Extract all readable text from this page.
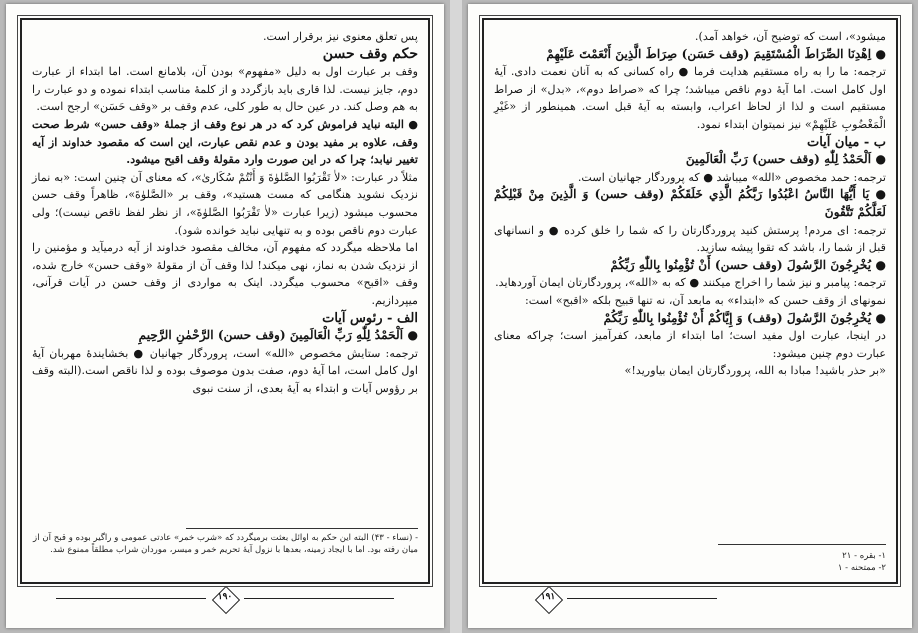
پس تعلق معنوی نیز برقرار است.

حکم وقف حسن

وقف بر عبارت اول به دلیل «مفهوم» بودن آن، بلامانع است. اما ابتداء از عبارت دوم، جایز نیست. لذا قاری باید بازگردد و از کلمهٔ مناسب ابتداء نموده و دو عبارت را به هم وصل کند. در عین حال به طور کلی، عدم وقف بر «وقف حَسَن» ارجح است.

● البته نباید فراموش کرد که در هر نوع وقف از جملهٔ «وقف حسن» شرط صحت وقف، علاوه بر مفید بودن و عدم نقص عبارت، این است که مقصود خداوند از آیه تغییر نیابد؛ چرا که در این صورت وارد مقولهٔ وقف اقبح میشود.

مثلاً در عبارت: «لاٰ تَقْرَبُوا الصَّلوٰةَ وَ أَنْتُمْ سُكَارىٰ»، که معنای آن چنین است: «به نماز نزدیک نشوید هنگامی که مست هستید»، وقف بر «الصَّلوٰةَ»، ظاهراً وقف حسن محسوب میشود (زیرا عبارت «لاٰ تَقْرَبُوا الصَّلوٰةَ»، از نظر لفظ ناقص نیست)؛ ولی عبارت دوم ناقص بوده و به تنهایی نباید خوانده شود).

اما ملاحظه میگردد که مفهوم آن، مخالف مقصود خداوند از آیه درمیآید و مؤمنین را از نزدیک شدن به نماز، نهی میکند! لذا وقف آن از مقولهٔ «وقف حسن» خارج شده، وقف «اقبح» محسوب میگردد. اینک به مواردی از وقف حسن در آیات قرآنی، میپردازیم.

الف - رئوس آیات

● اَلْحَمْدُ لِلّٰهِ رَبِّ الْعَالَمِينَ (وقف حسن) الرَّحْمٰنِ الرَّحِيمِ

ترجمه: ستایش مخصوص «الله» است، پروردگار جهانیان ● بخشایندهٔ مهربان آیهٔ اول کامل است، اما آیهٔ دوم، صفت بدون موصوف بوده و لذا ناقص است.(البته وقف بر رؤوس آیات و ابتداء به آیهٔ بعدی، از سنت نبوی

- (نساء - ۴۳) البته این حکم به اوائل بعثت برمیگردد که «شرب خمر» عادتی عمومی و راگیر بوده و قبح آن از میان رفته بود. اما با ایجاد زمینه، بعدها با نزول آیهٔ تحریم خمر و میسر، موردان شراب مطلقاً ممنوع شد.
۱۹۰

میشود»، است که توضیح آن، خواهد آمد).

● اِهْدِنَا الصِّرَاطَ الْمُسْتَقِيمَ (وقف حَسَن) صِرَاطَ الَّذِينَ أَنْعَمْتَ عَلَيْهِمْ

ترجمه: ما را به راه مستقیم هدایت فرما ● راه کسانی که به آنان نعمت دادی. آیهٔ اول کامل است. اما آیهٔ دوم ناقص میباشد؛ چرا که «صراط دوم»، «بدل» از صراط مستقیم است و لذا از لحاظ اعراب، وابسته به آیهٔ قبل است. همینطور از «غَيْرِ الْمَغْضُوبِ عَلَيْهِمْ» نیز نمیتوان ابتداء نمود.

ب - میان آیات

● اَلْحَمْدُ لِلّٰهِ (وقف حسن) رَبِّ الْعَالَمِينَ

ترجمه: حمد مخصوص «الله» میباشد ● که پروردگار جهانیان است.

● يَا أَيُّهَا النَّاسُ اعْبُدُوا رَبَّكُمُ الَّذِي خَلَقَكُمْ (وقف حسن) وَ الَّذِينَ مِنْ قَبْلِكُمْ لَعَلَّكُمْ تَتَّقُونَ

ترجمه: ای مردم! پرستش کنید پروردگارتان را که شما را خلق کرده ● و انسانهای قبل از شما را، باشد که تقوا پیشه سازید.

● يُخْرِجُونَ الرَّسُولَ (وقف حسن) أَنْ تُؤْمِنُوا بِاللّٰهِ رَبِّكُمْ

ترجمه: پیامبر و نیز شما را اخراج میکنند ● که به «الله»، پروردگارتان ایمان آوردهاید.

نمونهای از وقف حسن که «ابتداء» به مابعد آن، نه تنها قبیح بلکه «اقبح» است:

● يُخْرِجُونَ الرَّسُولَ (وقف) وَ إِيَّاكُمْ أَنْ تُؤْمِنُوا بِاللّٰهِ رَبِّكُمْ

در اینجا، عبارت اول مفید است؛ اما ابتداء از مابعد، کفرآمیز است؛ چراکه معنای عبارت دوم چنین میشود:

«بر حذر باشید! مبادا به الله، پروردگارتان ایمان بیاورید!»

۱- بقره - ۲۱
۲- ممتحنه - ۱
۱۹۱
